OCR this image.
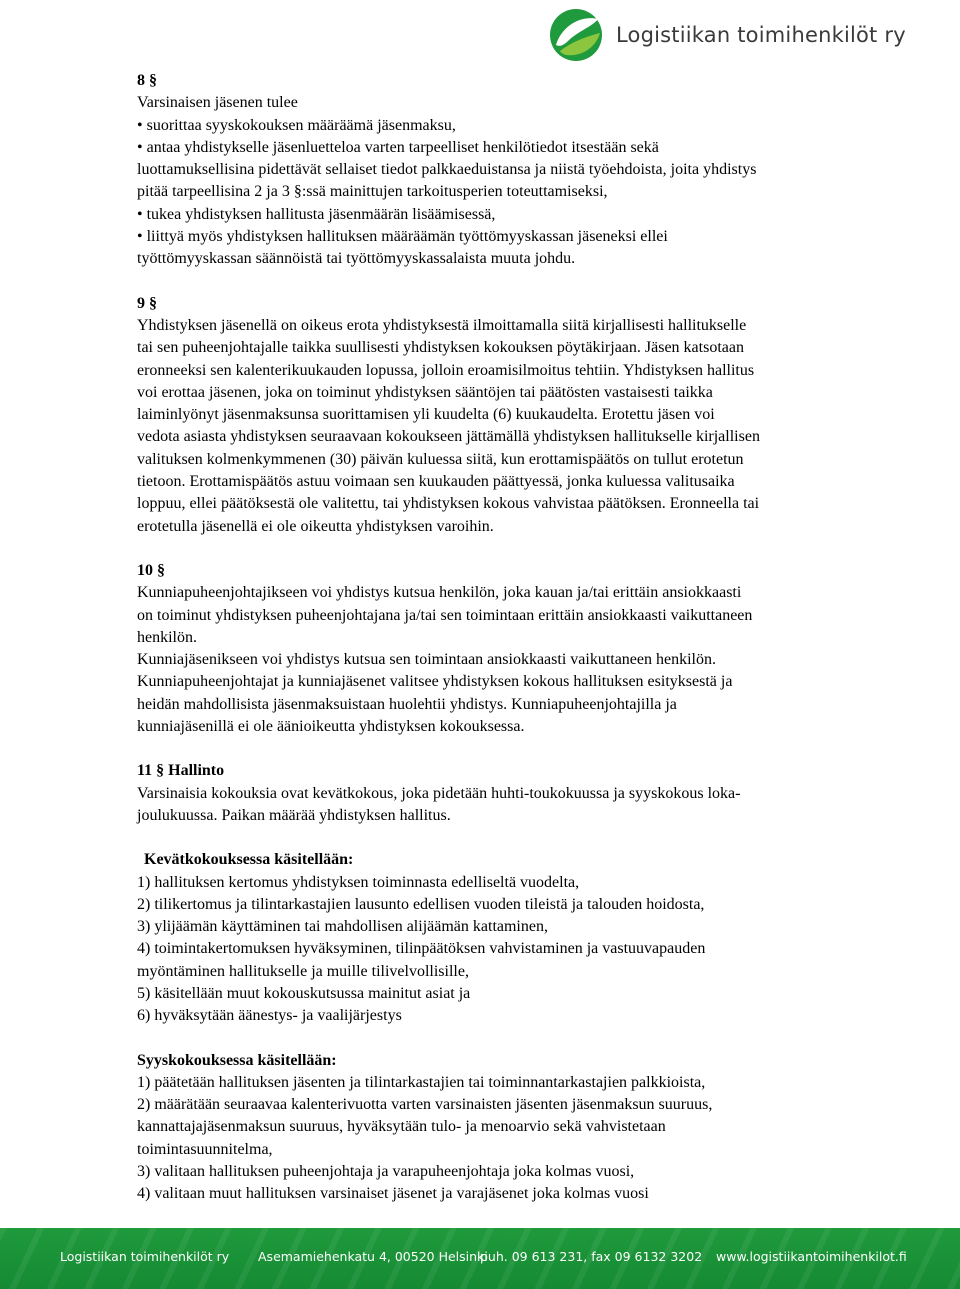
Logistiikan toimihenkilöt ry
8 §
Varsinaisen jäsenen tulee
• suorittaa syyskokouksen määräämä jäsenmaksu,
• antaa yhdistykselle jäsenluetteloa varten tarpeelliset henkilötiedot itsestään sekä
luottamuksellisina pidettävät sellaiset tiedot palkkaeduistansa ja niistä työehdoista, joita yhdistys
pitää tarpeellisina 2 ja 3 §:ssä mainittujen tarkoitusperien toteuttamiseksi,
• tukea yhdistyksen hallitusta jäsenmäärän lisäämisessä,
• liittyä myös yhdistyksen hallituksen määräämän työttömyyskassan jäseneksi ellei
työttömyyskassan säännöistä tai työttömyyskassalaista muuta johdu.
9 §
Yhdistyksen jäsenellä on oikeus erota yhdistyksestä ilmoittamalla siitä kirjallisesti hallitukselle
tai sen puheenjohtajalle taikka suullisesti yhdistyksen kokouksen pöytäkirjaan. Jäsen katsotaan
eronneeksi sen kalenterikuukauden lopussa, jolloin eroamisilmoitus tehtiin. Yhdistyksen hallitus
voi erottaa jäsenen, joka on toiminut yhdistyksen sääntöjen tai päätösten vastaisesti taikka
laiminlyönyt jäsenmaksunsa suorittamisen yli kuudelta (6) kuukaudelta. Erotettu jäsen voi
vedota asiasta yhdistyksen seuraavaan kokoukseen jättämällä yhdistyksen hallitukselle kirjallisen
valituksen kolmenkymmenen (30) päivän kuluessa siitä, kun erottamispäätös on tullut erotetun
tietoon. Erottamispäätös astuu voimaan sen kuukauden päättyessä, jonka kuluessa valitusaika
loppuu, ellei päätöksestä ole valitettu, tai yhdistyksen kokous vahvistaa päätöksen. Eronneella tai
erotetulla jäsenellä ei ole oikeutta yhdistyksen varoihin.
10 §
Kunniapuheenjohtajikseen voi yhdistys kutsua henkilön, joka kauan ja/tai erittäin ansiokkaasti
on toiminut yhdistyksen puheenjohtajana ja/tai sen toimintaan erittäin ansiokkaasti vaikuttaneen
henkilön.
Kunniajäsenikseen voi yhdistys kutsua sen toimintaan ansiokkaasti vaikuttaneen henkilön.
Kunniapuheenjohtajat ja kunniajäsenet valitsee yhdistyksen kokous hallituksen esityksestä ja
heidän mahdollisista jäsenmaksuistaan huolehtii yhdistys. Kunniapuheenjohtajilla ja
kunniajäsenillä ei ole äänioikeutta yhdistyksen kokouksessa.
11 § Hallinto
Varsinaisia kokouksia ovat kevätkokous, joka pidetään huhti-toukokuussa ja syyskokous loka-
joulukuussa. Paikan määrää yhdistyksen hallitus.
Kevätkokouksessa käsitellään:
1) hallituksen kertomus yhdistyksen toiminnasta edelliseltä vuodelta,
2) tilikertomus ja tilintarkastajien lausunto edellisen vuoden tileistä ja talouden hoidosta,
3) ylijäämän käyttäminen tai mahdollisen alijäämän kattaminen,
4) toimintakertomuksen hyväksyminen, tilinpäätöksen vahvistaminen ja vastuuvapauden
myöntäminen hallitukselle ja muille tilivelvollisille,
5) käsitellään muut kokouskutsussa mainitut asiat ja
6) hyväksytään äänestys- ja vaalijärjestys
Syyskokouksessa käsitellään:
1) päätetään hallituksen jäsenten ja tilintarkastajien tai toiminnantarkastajien palkkioista,
2) määrätään seuraavaa kalenterivuotta varten varsinaisten jäsenten jäsenmaksun suuruus,
kannattajajäsenmaksun suuruus, hyväksytään tulo- ja menoarvio sekä vahvistetaan
toimintasuunnitelma,
3) valitaan hallituksen puheenjohtaja ja varapuheenjohtaja joka kolmas vuosi,
4) valitaan muut hallituksen varsinaiset jäsenet ja varajäsenet joka kolmas vuosi
Logistiikan toimihenkilöt ry Asemamiehenkatu 4, 00520 Helsinki
puh. 09 613 231, fax 09 6132 3202 www.logistiikantoimihenkilot.fi
